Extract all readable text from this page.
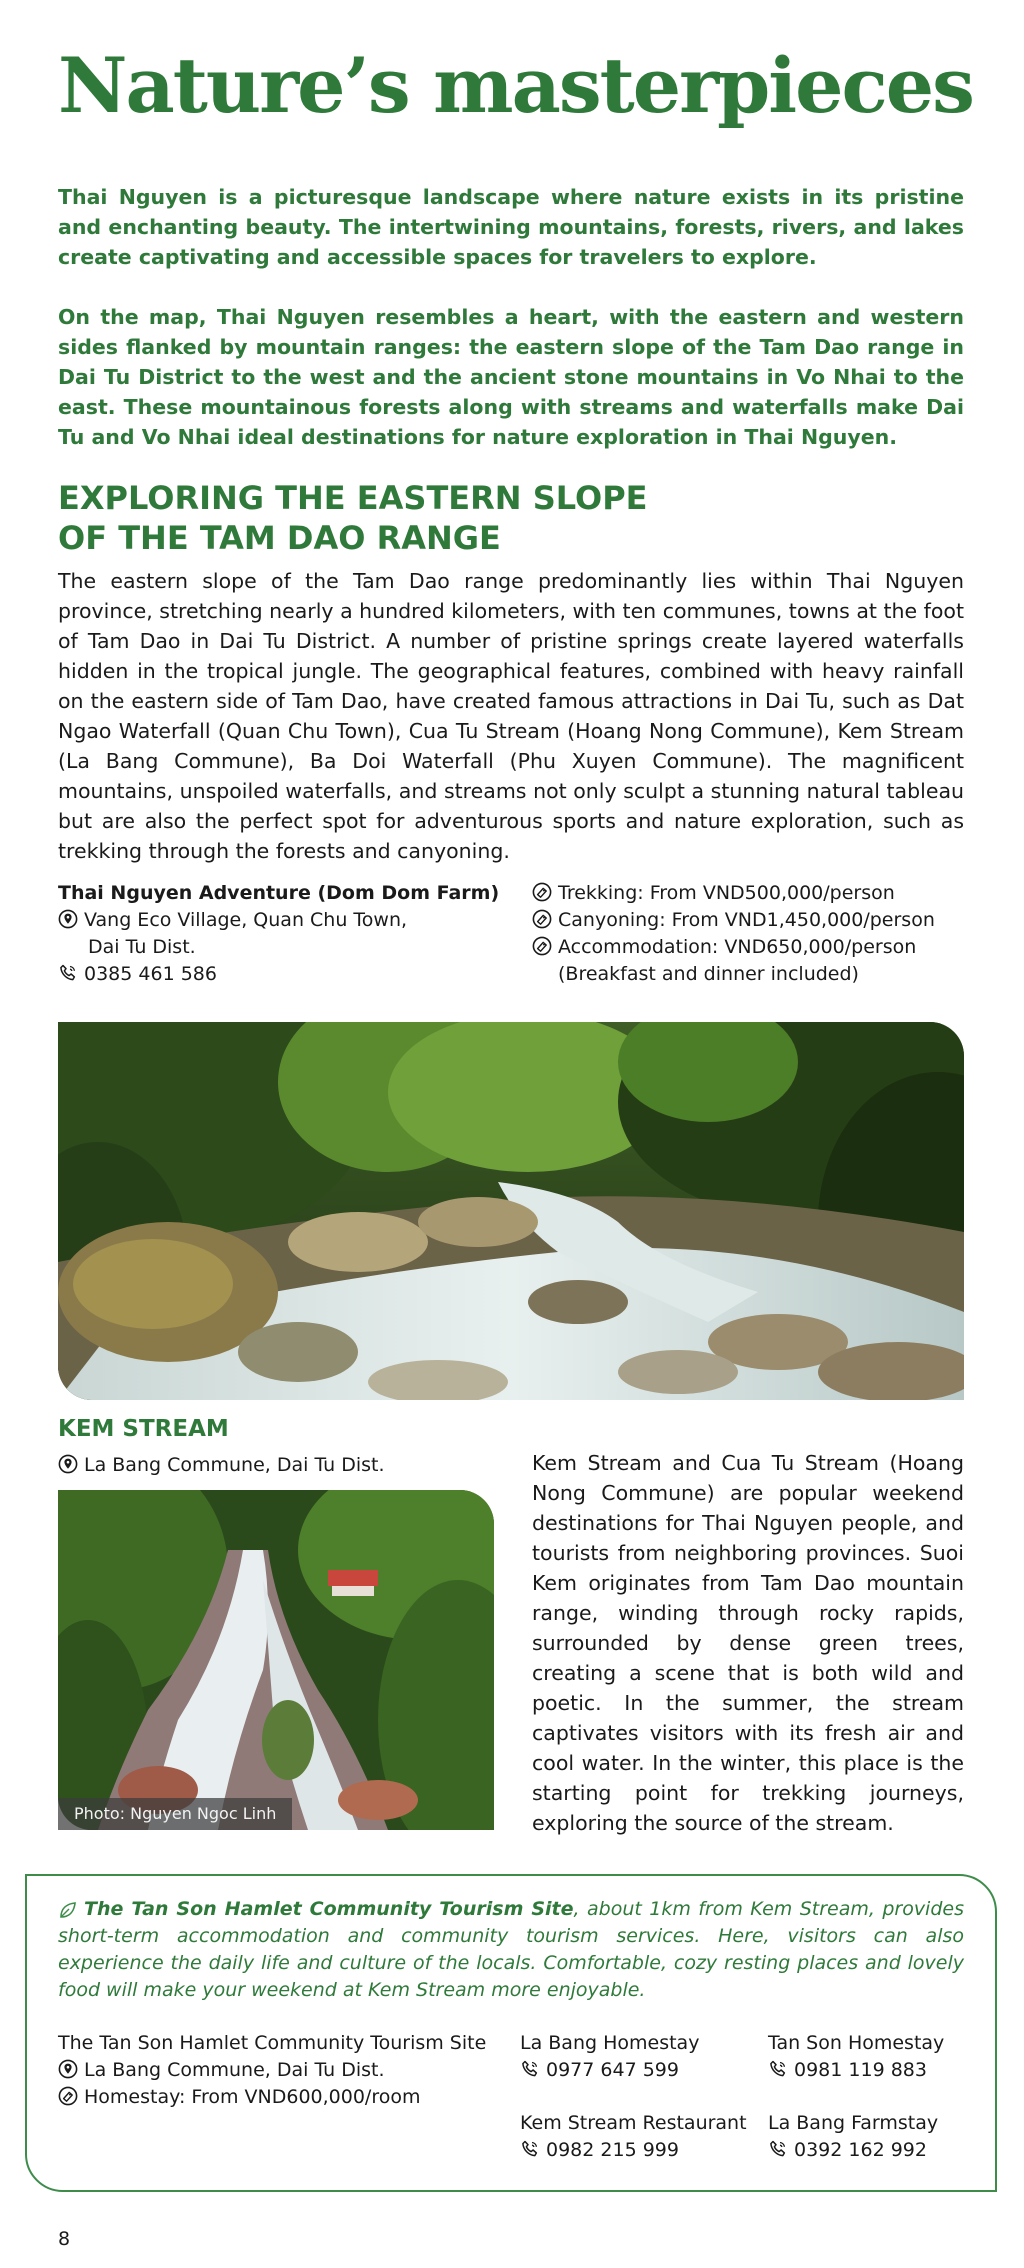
Nature’s masterpieces

Thai Nguyen is a picturesque landscape where nature exists in its pristine and enchanting beauty. The intertwining mountains, forests, rivers, and lakes create captivating and accessible spaces for travelers to explore.

On the map, Thai Nguyen resembles a heart, with the eastern and western sides flanked by mountain ranges: the eastern slope of the Tam Dao range in Dai Tu District to the west and the ancient stone mountains in Vo Nhai to the east. These mountainous forests along with streams and waterfalls make Dai Tu and Vo Nhai ideal destinations for nature exploration in Thai Nguyen.

EXPLORING THE EASTERN SLOPE
OF THE TAM DAO RANGE

The eastern slope of the Tam Dao range predominantly lies within Thai Nguyen province, stretching nearly a hundred kilometers, with ten communes, towns at the foot of Tam Dao in Dai Tu District. A number of pristine springs create layered waterfalls hidden in the tropical jungle. The geographical features, combined with heavy rainfall on the eastern side of Tam Dao, have created famous attractions in Dai Tu, such as Dat Ngao Waterfall (Quan Chu Town), Cua Tu Stream (Hoang Nong Commune), Kem Stream (La Bang Commune), Ba Doi Waterfall (Phu Xuyen Commune). The magnificent mountains, unspoiled waterfalls, and streams not only sculpt a stunning natural tableau but are also the perfect spot for adventurous sports and nature exploration, such as trekking through the forests and canyoning.

Thai Nguyen Adventure (Dom Dom Farm)
Vang Eco Village, Quan Chu Town,
Dai Tu Dist.
0385 461 586
Trekking: From VND500,000/person
Canyoning: From VND1,450,000/person
Accommodation: VND650,000/person
(Breakfast and dinner included)
KEM STREAM
La Bang Commune, Dai Tu Dist.
Photo: Nguyen Ngoc Linh

Kem Stream and Cua Tu Stream (Hoang Nong Commune) are popular weekend destinations for Thai Nguyen people, and tourists from neighboring provinces. Suoi Kem originates from Tam Dao mountain range, winding through rocky rapids, surrounded by dense green trees, creating a scene that is both wild and poetic. In the summer, the stream captivates visitors with its fresh air and cool water. In the winter, this place is the starting point for trekking journeys, exploring the source of the stream.

The Tan Son Hamlet Community Tourism Site, about 1km from Kem Stream, provides short-term accommodation and community tourism services. Here, visitors can also experience the daily life and culture of the locals. Comfortable, cozy resting places and lovely food will make your weekend at Kem Stream more enjoyable.

The Tan Son Hamlet Community Tourism Site
La Bang Commune, Dai Tu Dist.
Homestay: From VND600,000/room
La Bang Homestay
0977 647 599
Tan Son Homestay
0981 119 883
Kem Stream Restaurant
0982 215 999
La Bang Farmstay
0392 162 992
8
